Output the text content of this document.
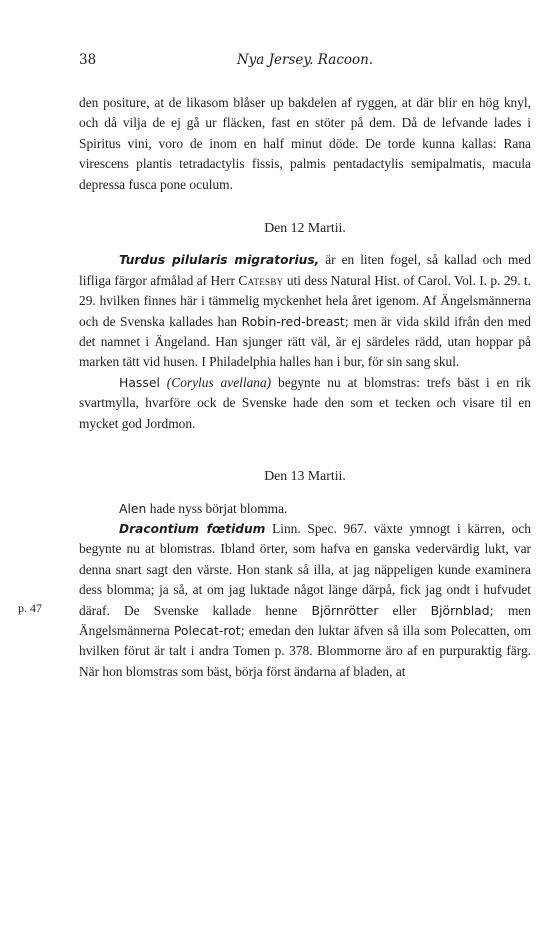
38	Nya Jersey. Racoon.
p. 47

den positure, at de likasom blåser up bakdelen af ryggen, at där blir en hög knyl, och då vilja de ej gå ur fläcken, fast en stöter på dem. Då de lefvande lades i Spiritus vini, voro de inom en half minut döde. De torde kunna kallas: Rana virescens plantis tetradactylis fissis, palmis pentadactylis semipalmatis, macula depressa fusca pone oculum.

Den 12 Martii.

Turdus pilularis migratorius, är en liten fogel, så kallad och med lifliga färgor afmålad af Herr Catesby uti dess Natural Hist. of Carol. Vol. I. p. 29. t. 29. hvilken finnes här i tämmelig myckenhet hela året igenom. Af Ängelsmännerna och de Svenska kallades han Robin-red-breast; men är vida skild ifrån den med det namnet i Ängeland. Han sjunger rätt väl, är ej särdeles rädd, utan hoppar på marken tätt vid husen. I Philadelphia halles han i bur, för sin sang skul.

Hassel (Corylus avellana) begynte nu at blomstras: trefs bäst i en rik svartmylla, hvarföre ock de Svenske hade den som et tecken och visare til en mycket god Jordmon.

Den 13 Martii.

Alen hade nyss börjat blomma.

Dracontium fœtidum Linn. Spec. 967. växte ymnogt i kärren, och begynte nu at blomstras. Ibland örter, som hafva en ganska vedervärdig lukt, var denna snart sagt den värste. Hon stank så illa, at jag näppeligen kunde examinera dess blomma; ja så, at om jag luktade något länge därpå, fick jag ondt i hufvudet däraf. De Svenske kallade henne Björnrötter eller Björnblad; men Ängelsmännerna Polecat-rot; emedan den luktar äfven så illa som Polecatten, om hvilken förut är talt i andra Tomen p. 378. Blommorne äro af en purpuraktig färg. När hon blomstras som bäst, börja först ändarna af bladen, at
